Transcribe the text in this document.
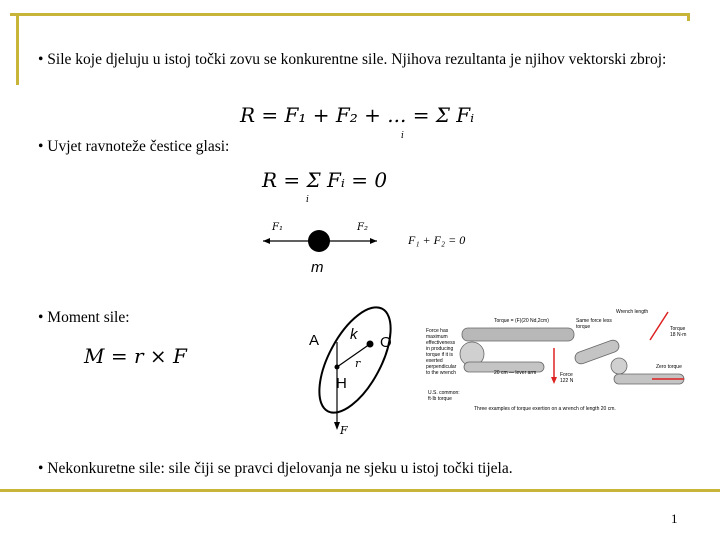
• Sile koje djeluju u istoj točki zovu se konkurentne sile. Njihova rezultanta je njihov vektorski zbroj:
R = F₁ + F₂ + ... = Σ Fᵢ
i
• Uvjet ravnoteže čestice glasi:
R = Σ Fᵢ = 0
i
F₁	F₂
m
F₁ + F₂ = 0
• Moment sile:
M = r × F
A k O
r
H
F
Force has maximum effectiveness in producing torque if it is exerted perpendicular to the wrench
Torque = (F)(20 Nd,2cm)	Same force less torque
Wrench length
20 cm — lever arm	Force 122 N
Torque 18 N·m
Zero torque
U.S. common: ft·lb torque
Three examples of torque exertion on a wrench of length 20 cm.
• Nekonkuretne sile: sile čiji se pravci djelovanja ne sjeku u istoj točki tijela.
1
